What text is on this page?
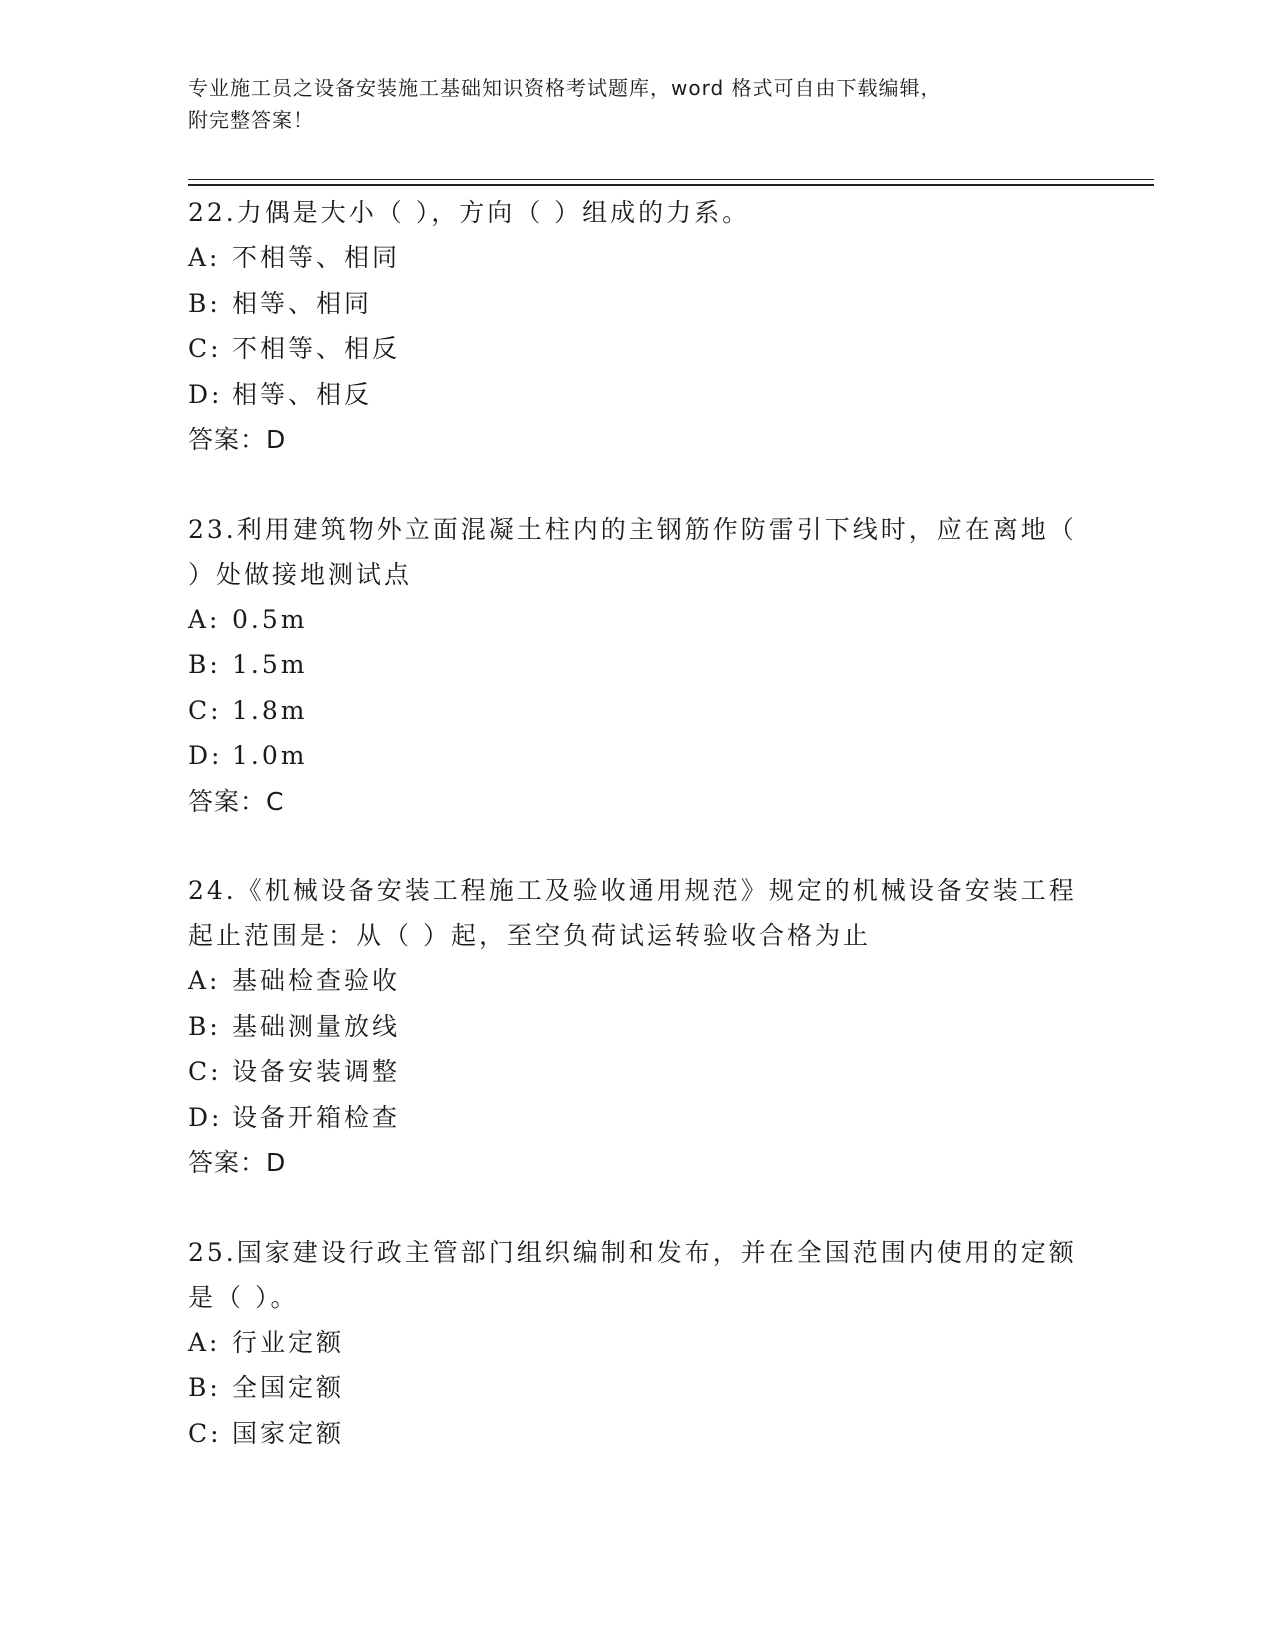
专业施工员之设备安装施工基础知识资格考试题库，word 格式可自由下载编辑，
附完整答案！

22.力偶是大小（ ），方向（ ）组成的力系。

A: 不相等、相同

B: 相等、相同

C: 不相等、相反

D: 相等、相反

答案：D

23.利用建筑物外立面混凝土柱内的主钢筋作防雷引下线时，应在离地（ ）处做接地测试点

A: 0.5m

B: 1.5m

C: 1.8m

D: 1.0m

答案：C

24.《机械设备安装工程施工及验收通用规范》规定的机械设备安装工程起止范围是：从（ ）起，至空负荷试运转验收合格为止

A: 基础检查验收

B: 基础测量放线

C: 设备安装调整

D: 设备开箱检查

答案：D

25.国家建设行政主管部门组织编制和发布，并在全国范围内使用的定额是（ ）。

A: 行业定额

B: 全国定额

C: 国家定额
